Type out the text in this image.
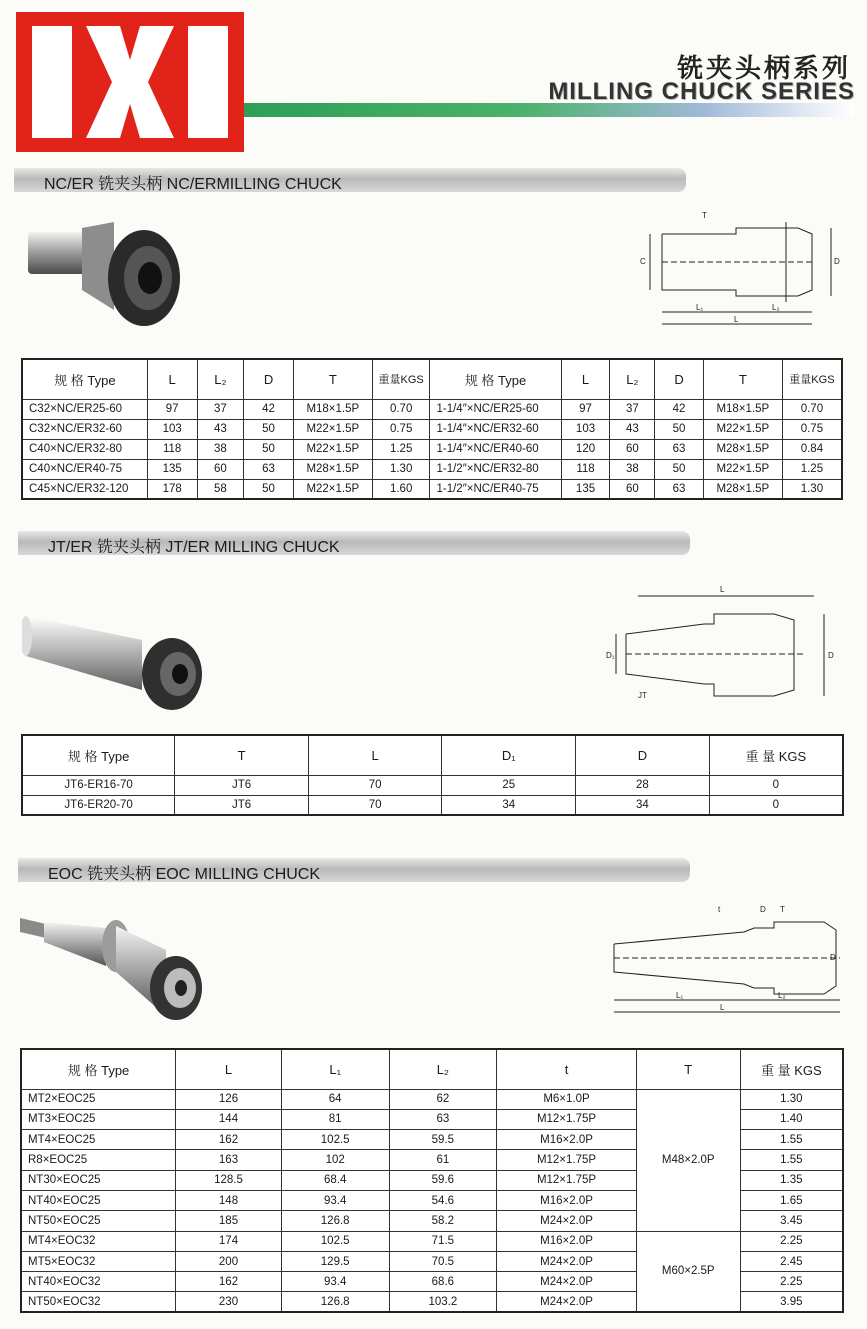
铣夹头柄系列
MILLING CHUCK SERIES
NC/ER 铣夹头柄 NC/ERMILLING CHUCK
T
C	D
L₁	L₂
L
规 格 Type	L	L₂	D	T	重量KGS	规 格 Type	L	L₂	D	T	重量KGS
C32×NC/ER25-60	97	37	42	M18×1.5P	0.70	1-1/4″×NC/ER25-60	97	37	42	M18×1.5P	0.70
C32×NC/ER32-60	103	43	50	M22×1.5P	0.75	1-1/4″×NC/ER32-60	103	43	50	M22×1.5P	0.75
C40×NC/ER32-80	118	38	50	M22×1.5P	1.25	1-1/4″×NC/ER40-60	120	60	63	M28×1.5P	0.84
C40×NC/ER40-75	135	60	63	M28×1.5P	1.30	1-1/2″×NC/ER32-80	118	38	50	M22×1.5P	1.25
C45×NC/ER32-120	178	58	50	M22×1.5P	1.60	1-1/2″×NC/ER40-75	135	60	63	M28×1.5P	1.30
JT/ER 铣夹头柄 JT/ER MILLING CHUCK
L
D₁	D
JT
规 格 Type	T	L	D₁	D	重 量 KGS
JT6-ER16-70	JT6	70	25	28	0
JT6-ER20-70	JT6	70	34	34	0
EOC 铣夹头柄 EOC MILLING CHUCK
t	D T
D
L₁	L₂
L
规 格 Type	L	L₁	L₂	t	T	重 量 KGS
MT2×EOC25	126	64	62	M6×1.0P	M48×2.0P	1.30
MT3×EOC25	144	81	63	M12×1.75P		1.40
MT4×EOC25	162	102.5	59.5	M16×2.0P		1.55
R8×EOC25	163	102	61	M12×1.75P		1.55
NT30×EOC25	128.5	68.4	59.6	M12×1.75P		1.35
NT40×EOC25	148	93.4	54.6	M16×2.0P		1.65
NT50×EOC25	185	126.8	58.2	M24×2.0P		3.45
MT4×EOC32	174	102.5	71.5	M16×2.0P	M60×2.5P	2.25
MT5×EOC32	200	129.5	70.5	M24×2.0P		2.45
NT40×EOC32	162	93.4	68.6	M24×2.0P		2.25
NT50×EOC32	230	126.8	103.2	M24×2.0P		3.95
